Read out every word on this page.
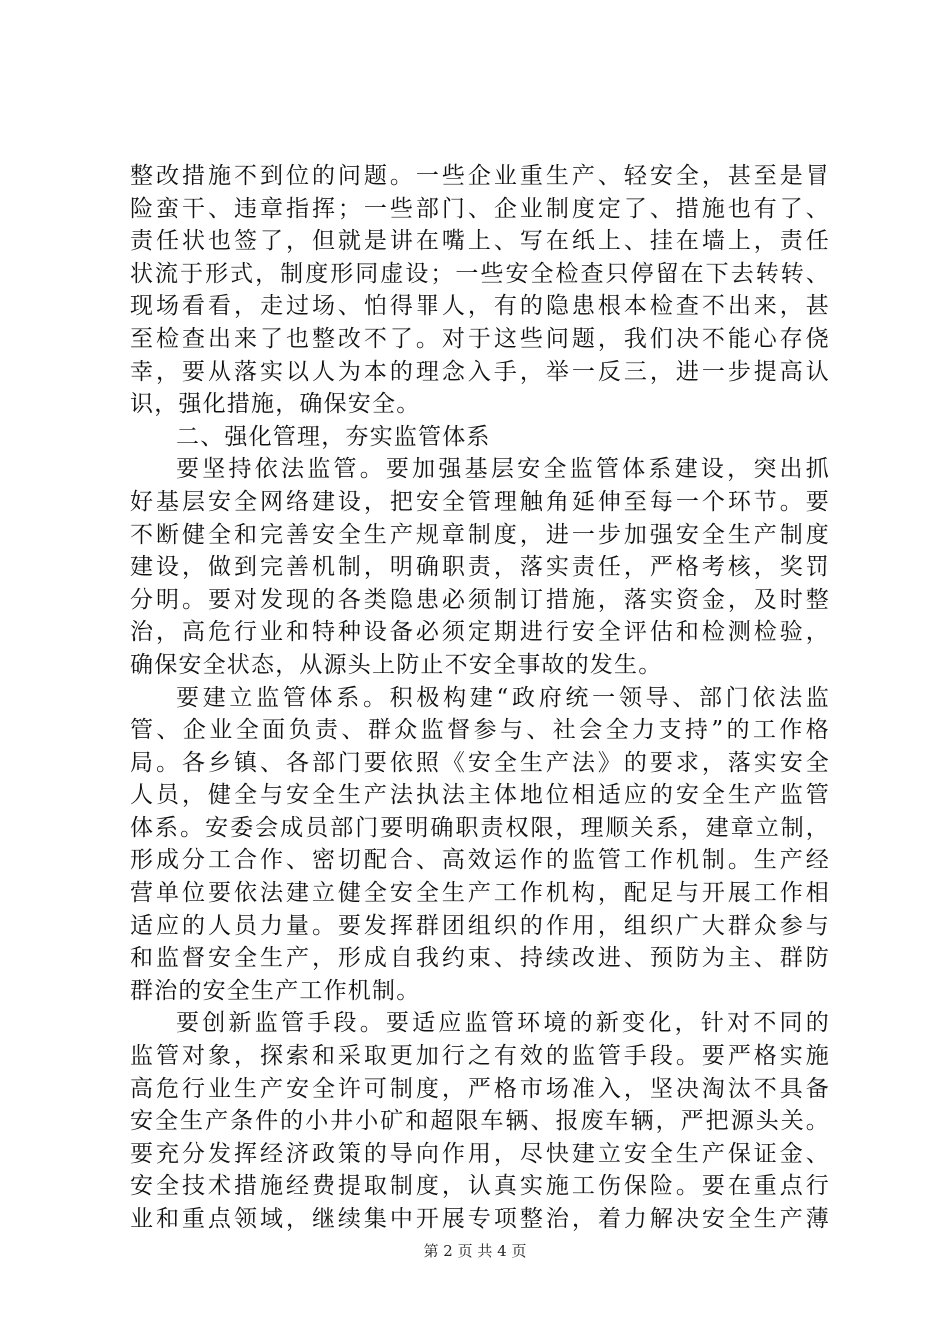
整改措施不到位的问题。一些企业重生产、轻安全，甚至是冒
险蛮干、违章指挥；一些部门、企业制度定了、措施也有了、
责任状也签了，但就是讲在嘴上、写在纸上、挂在墙上，责任
状流于形式，制度形同虚设；一些安全检查只停留在下去转转、
现场看看，走过场、怕得罪人，有的隐患根本检查不出来，甚
至检查出来了也整改不了。对于这些问题，我们决不能心存侥
幸，要从落实以人为本的理念入手，举一反三，进一步提高认
识，强化措施，确保安全。
二、强化管理，夯实监管体系
要坚持依法监管。要加强基层安全监管体系建设，突出抓
好基层安全网络建设，把安全管理触角延伸至每一个环节。要
不断健全和完善安全生产规章制度，进一步加强安全生产制度
建设，做到完善机制，明确职责，落实责任，严格考核，奖罚
分明。要对发现的各类隐患必须制订措施，落实资金，及时整
治，高危行业和特种设备必须定期进行安全评估和检测检验，
确保安全状态，从源头上防止不安全事故的发生。
要建立监管体系。积极构建“政府统一领导、部门依法监
管、企业全面负责、群众监督参与、社会全力支持”的工作格
局。各乡镇、各部门要依照《安全生产法》的要求，落实安全
人员，健全与安全生产法执法主体地位相适应的安全生产监管
体系。安委会成员部门要明确职责权限，理顺关系，建章立制，
形成分工合作、密切配合、高效运作的监管工作机制。生产经
营单位要依法建立健全安全生产工作机构，配足与开展工作相
适应的人员力量。要发挥群团组织的作用，组织广大群众参与
和监督安全生产，形成自我约束、持续改进、预防为主、群防
群治的安全生产工作机制。
要创新监管手段。要适应监管环境的新变化，针对不同的
监管对象，探索和采取更加行之有效的监管手段。要严格实施
高危行业生产安全许可制度，严格市场准入，坚决淘汰不具备
安全生产条件的小井小矿和超限车辆、报废车辆，严把源头关。
要充分发挥经济政策的导向作用，尽快建立安全生产保证金、
安全技术措施经费提取制度，认真实施工伤保险。要在重点行
业和重点领域，继续集中开展专项整治，着力解决安全生产薄
第 2 页 共 4 页
